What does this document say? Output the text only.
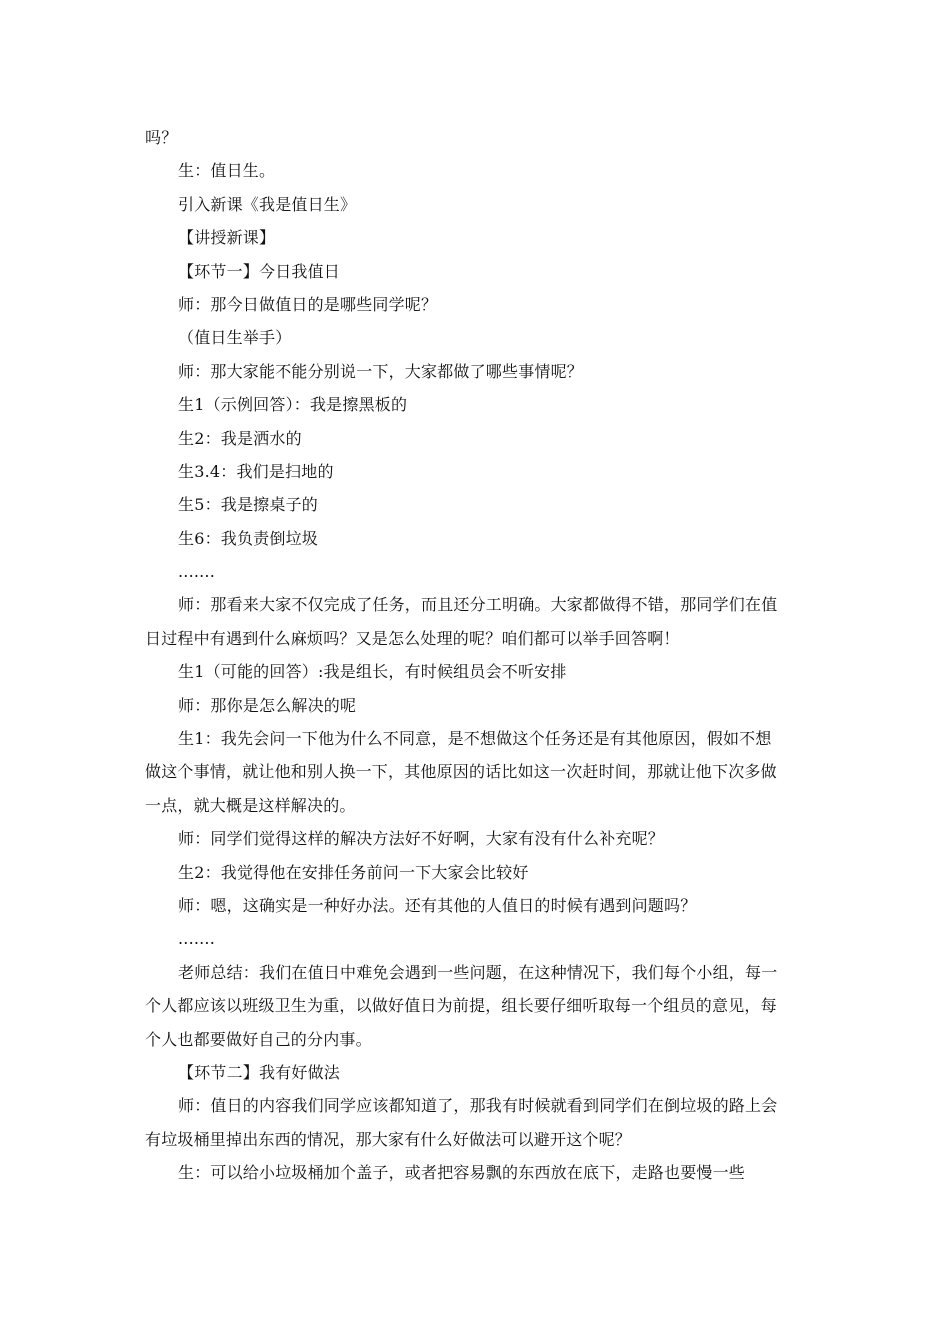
吗？
生：值日生。
引入新课《我是值日生》
【讲授新课】
【环节一】今日我值日
师：那今日做值日的是哪些同学呢？
（值日生举手）
师：那大家能不能分别说一下，大家都做了哪些事情呢？
生1（示例回答）：我是擦黑板的
生2：我是洒水的
生3.4：我们是扫地的
生5：我是擦桌子的
生6：我负责倒垃圾
.......
师：那看来大家不仅完成了任务，而且还分工明确。大家都做得不错，那同学们在值
日过程中有遇到什么麻烦吗？又是怎么处理的呢？咱们都可以举手回答啊！
生1（可能的回答）:我是组长，有时候组员会不听安排
师：那你是怎么解决的呢
生1：我先会问一下他为什么不同意，是不想做这个任务还是有其他原因，假如不想
做这个事情，就让他和别人换一下，其他原因的话比如这一次赶时间，那就让他下次多做
一点，就大概是这样解决的。
师：同学们觉得这样的解决方法好不好啊，大家有没有什么补充呢？
生2：我觉得他在安排任务前问一下大家会比较好
师：嗯，这确实是一种好办法。还有其他的人值日的时候有遇到问题吗？
.......
老师总结：我们在值日中难免会遇到一些问题，在这种情况下，我们每个小组，每一
个人都应该以班级卫生为重，以做好值日为前提，组长要仔细听取每一个组员的意见，每
个人也都要做好自己的分内事。
【环节二】我有好做法
师：值日的内容我们同学应该都知道了，那我有时候就看到同学们在倒垃圾的路上会
有垃圾桶里掉出东西的情况，那大家有什么好做法可以避开这个呢？
生：可以给小垃圾桶加个盖子，或者把容易飘的东西放在底下，走路也要慢一些
